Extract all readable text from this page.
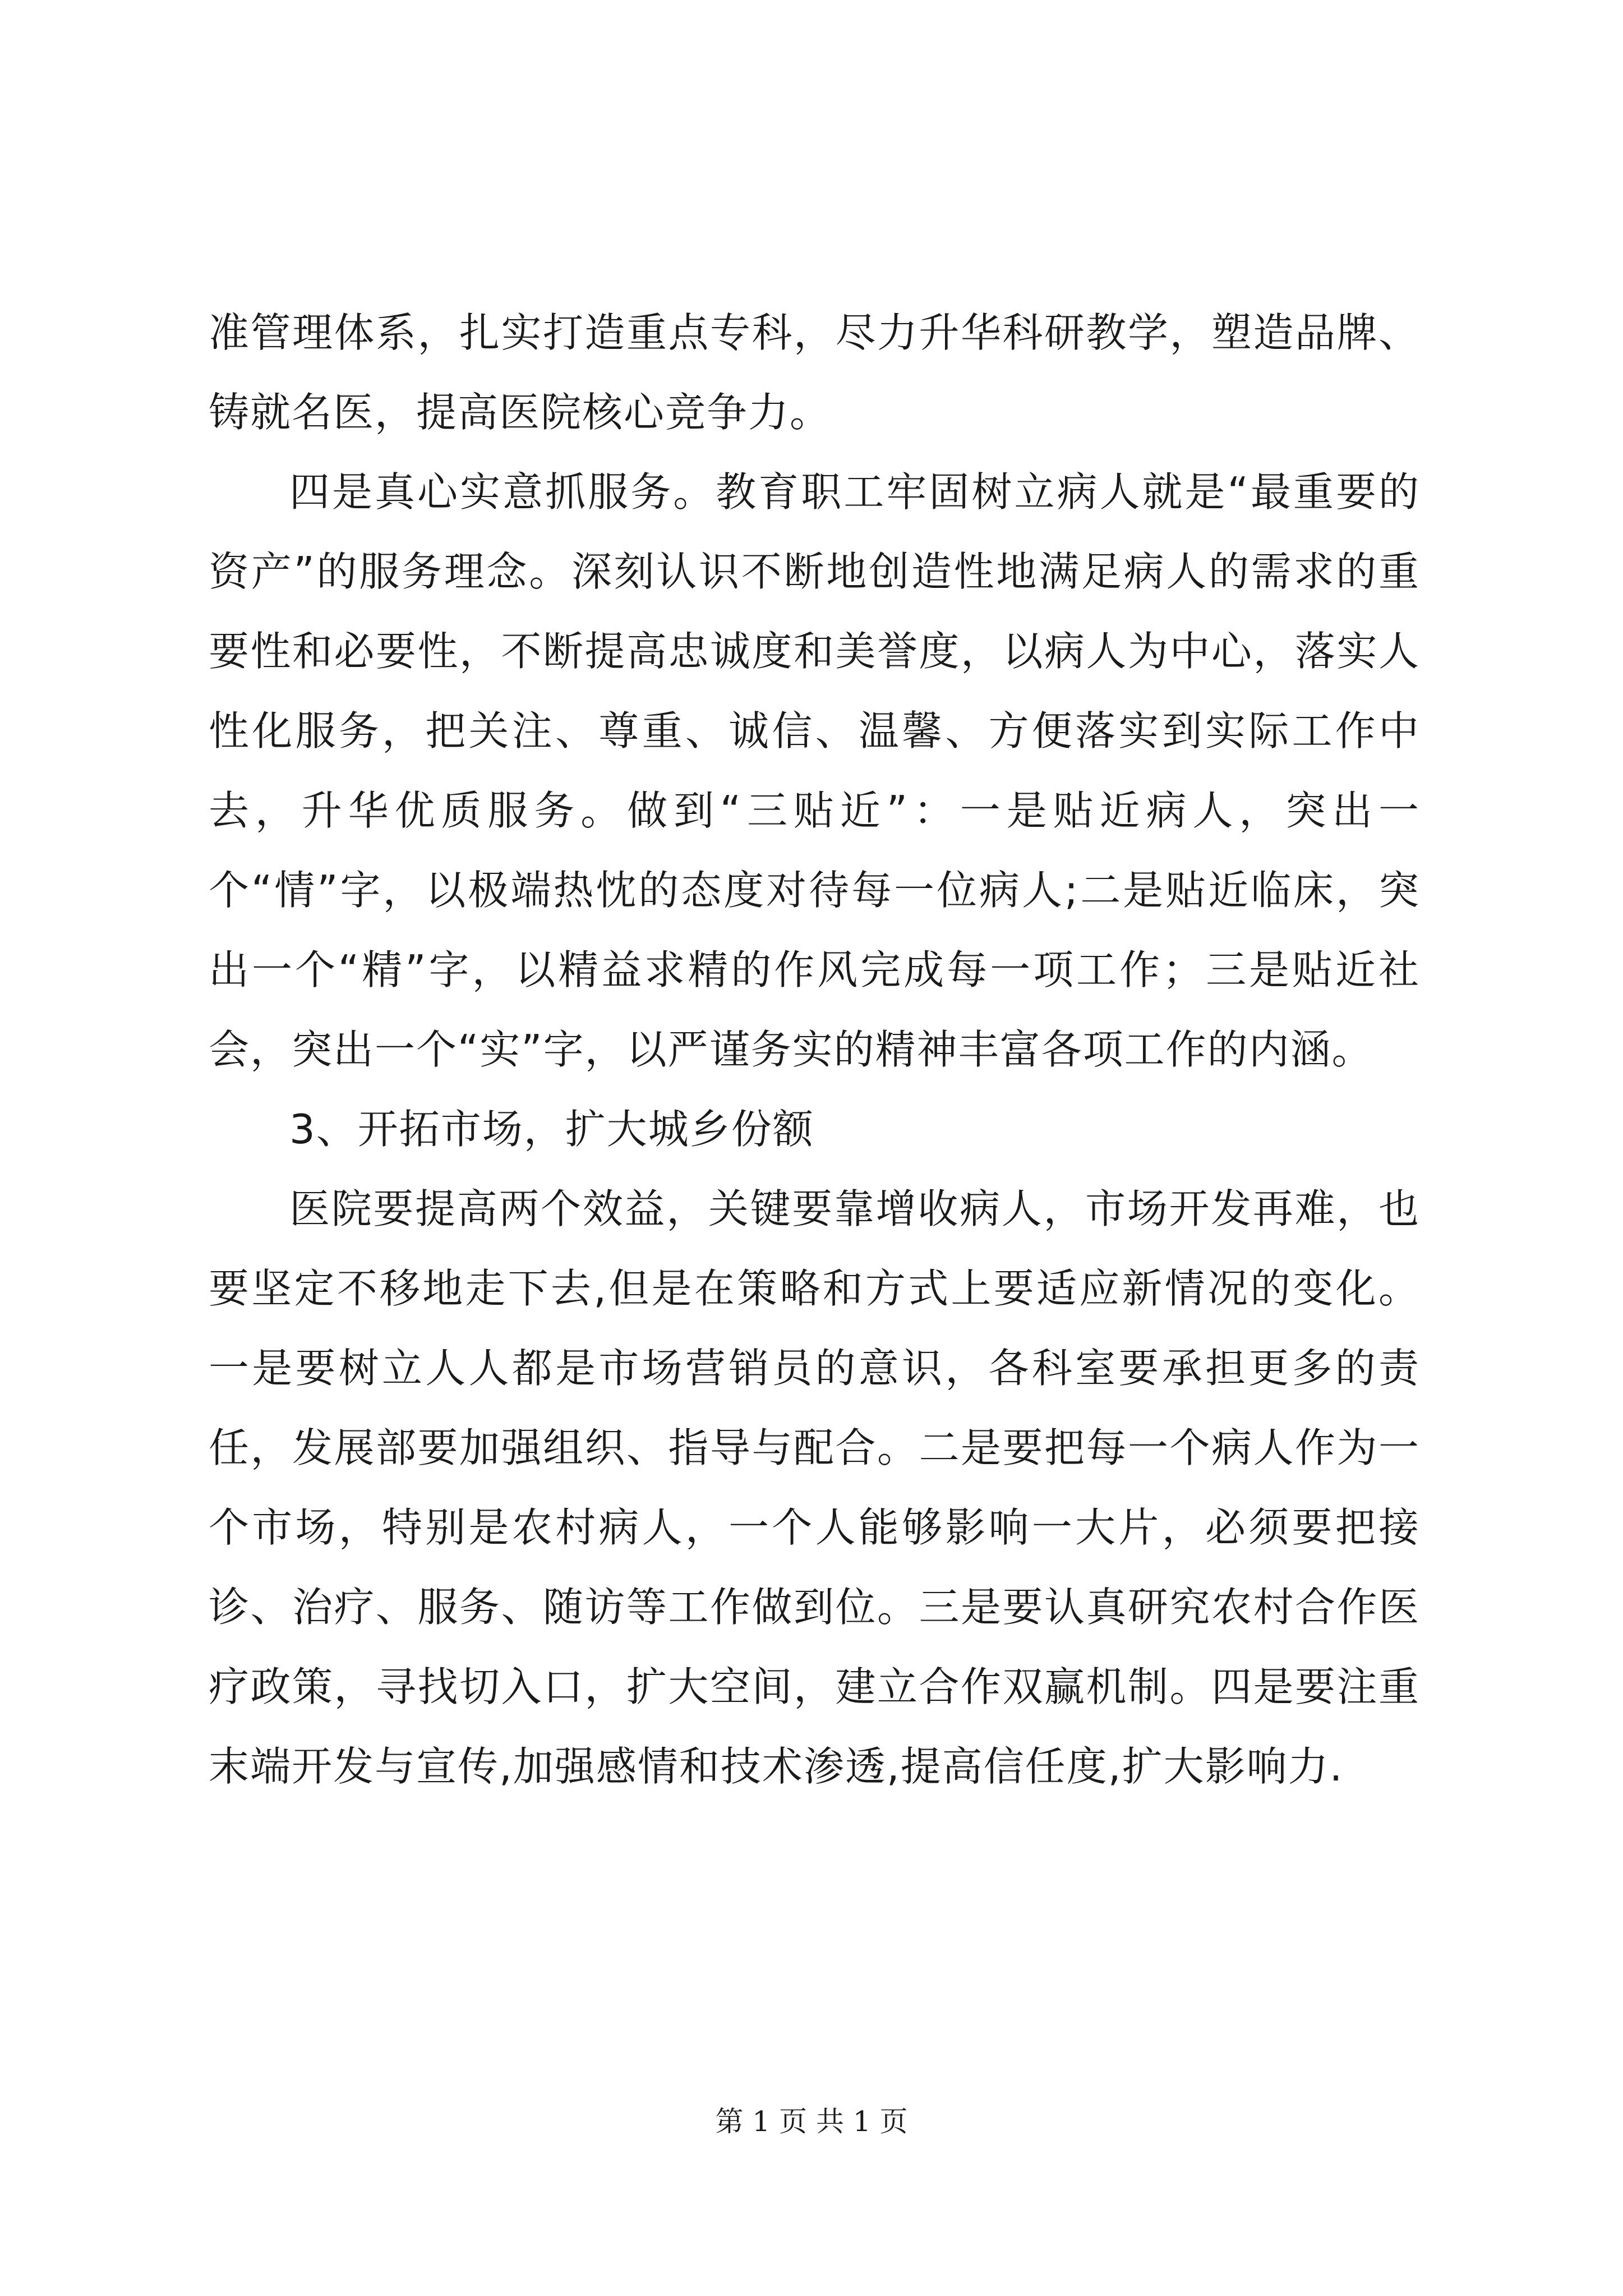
准管理体系，扎实打造重点专科，尽力升华科研教学，塑造品牌、铸就名医，提高医院核心竞争力。

四是真心实意抓服务。教育职工牢固树立病人就是“最重要的资产”的服务理念。深刻认识不断地创造性地满足病人的需求的重要性和必要性，不断提高忠诚度和美誉度，以病人为中心，落实人性化服务，把关注、尊重、诚信、温馨、方便落实到实际工作中去，升华优质服务。做到“三贴近”：一是贴近病人，突出一个“情”字，以极端热忱的态度对待每一位病人;二是贴近临床，突出一个“精”字，以精益求精的作风完成每一项工作；三是贴近社会，突出一个“实”字，以严谨务实的精神丰富各项工作的内涵。

3、开拓市场，扩大城乡份额

医院要提高两个效益，关键要靠增收病人，市场开发再难，也要坚定不移地走下去,但是在策略和方式上要适应新情况的变化。一是要树立人人都是市场营销员的意识，各科室要承担更多的责任，发展部要加强组织、指导与配合。二是要把每一个病人作为一个市场，特别是农村病人，一个人能够影响一大片，必须要把接诊、治疗、服务、随访等工作做到位。三是要认真研究农村合作医疗政策，寻找切入口，扩大空间，建立合作双赢机制。四是要注重末端开发与宣传,加强感情和技术渗透,提高信任度,扩大影响力.

第 1 页 共 1 页
